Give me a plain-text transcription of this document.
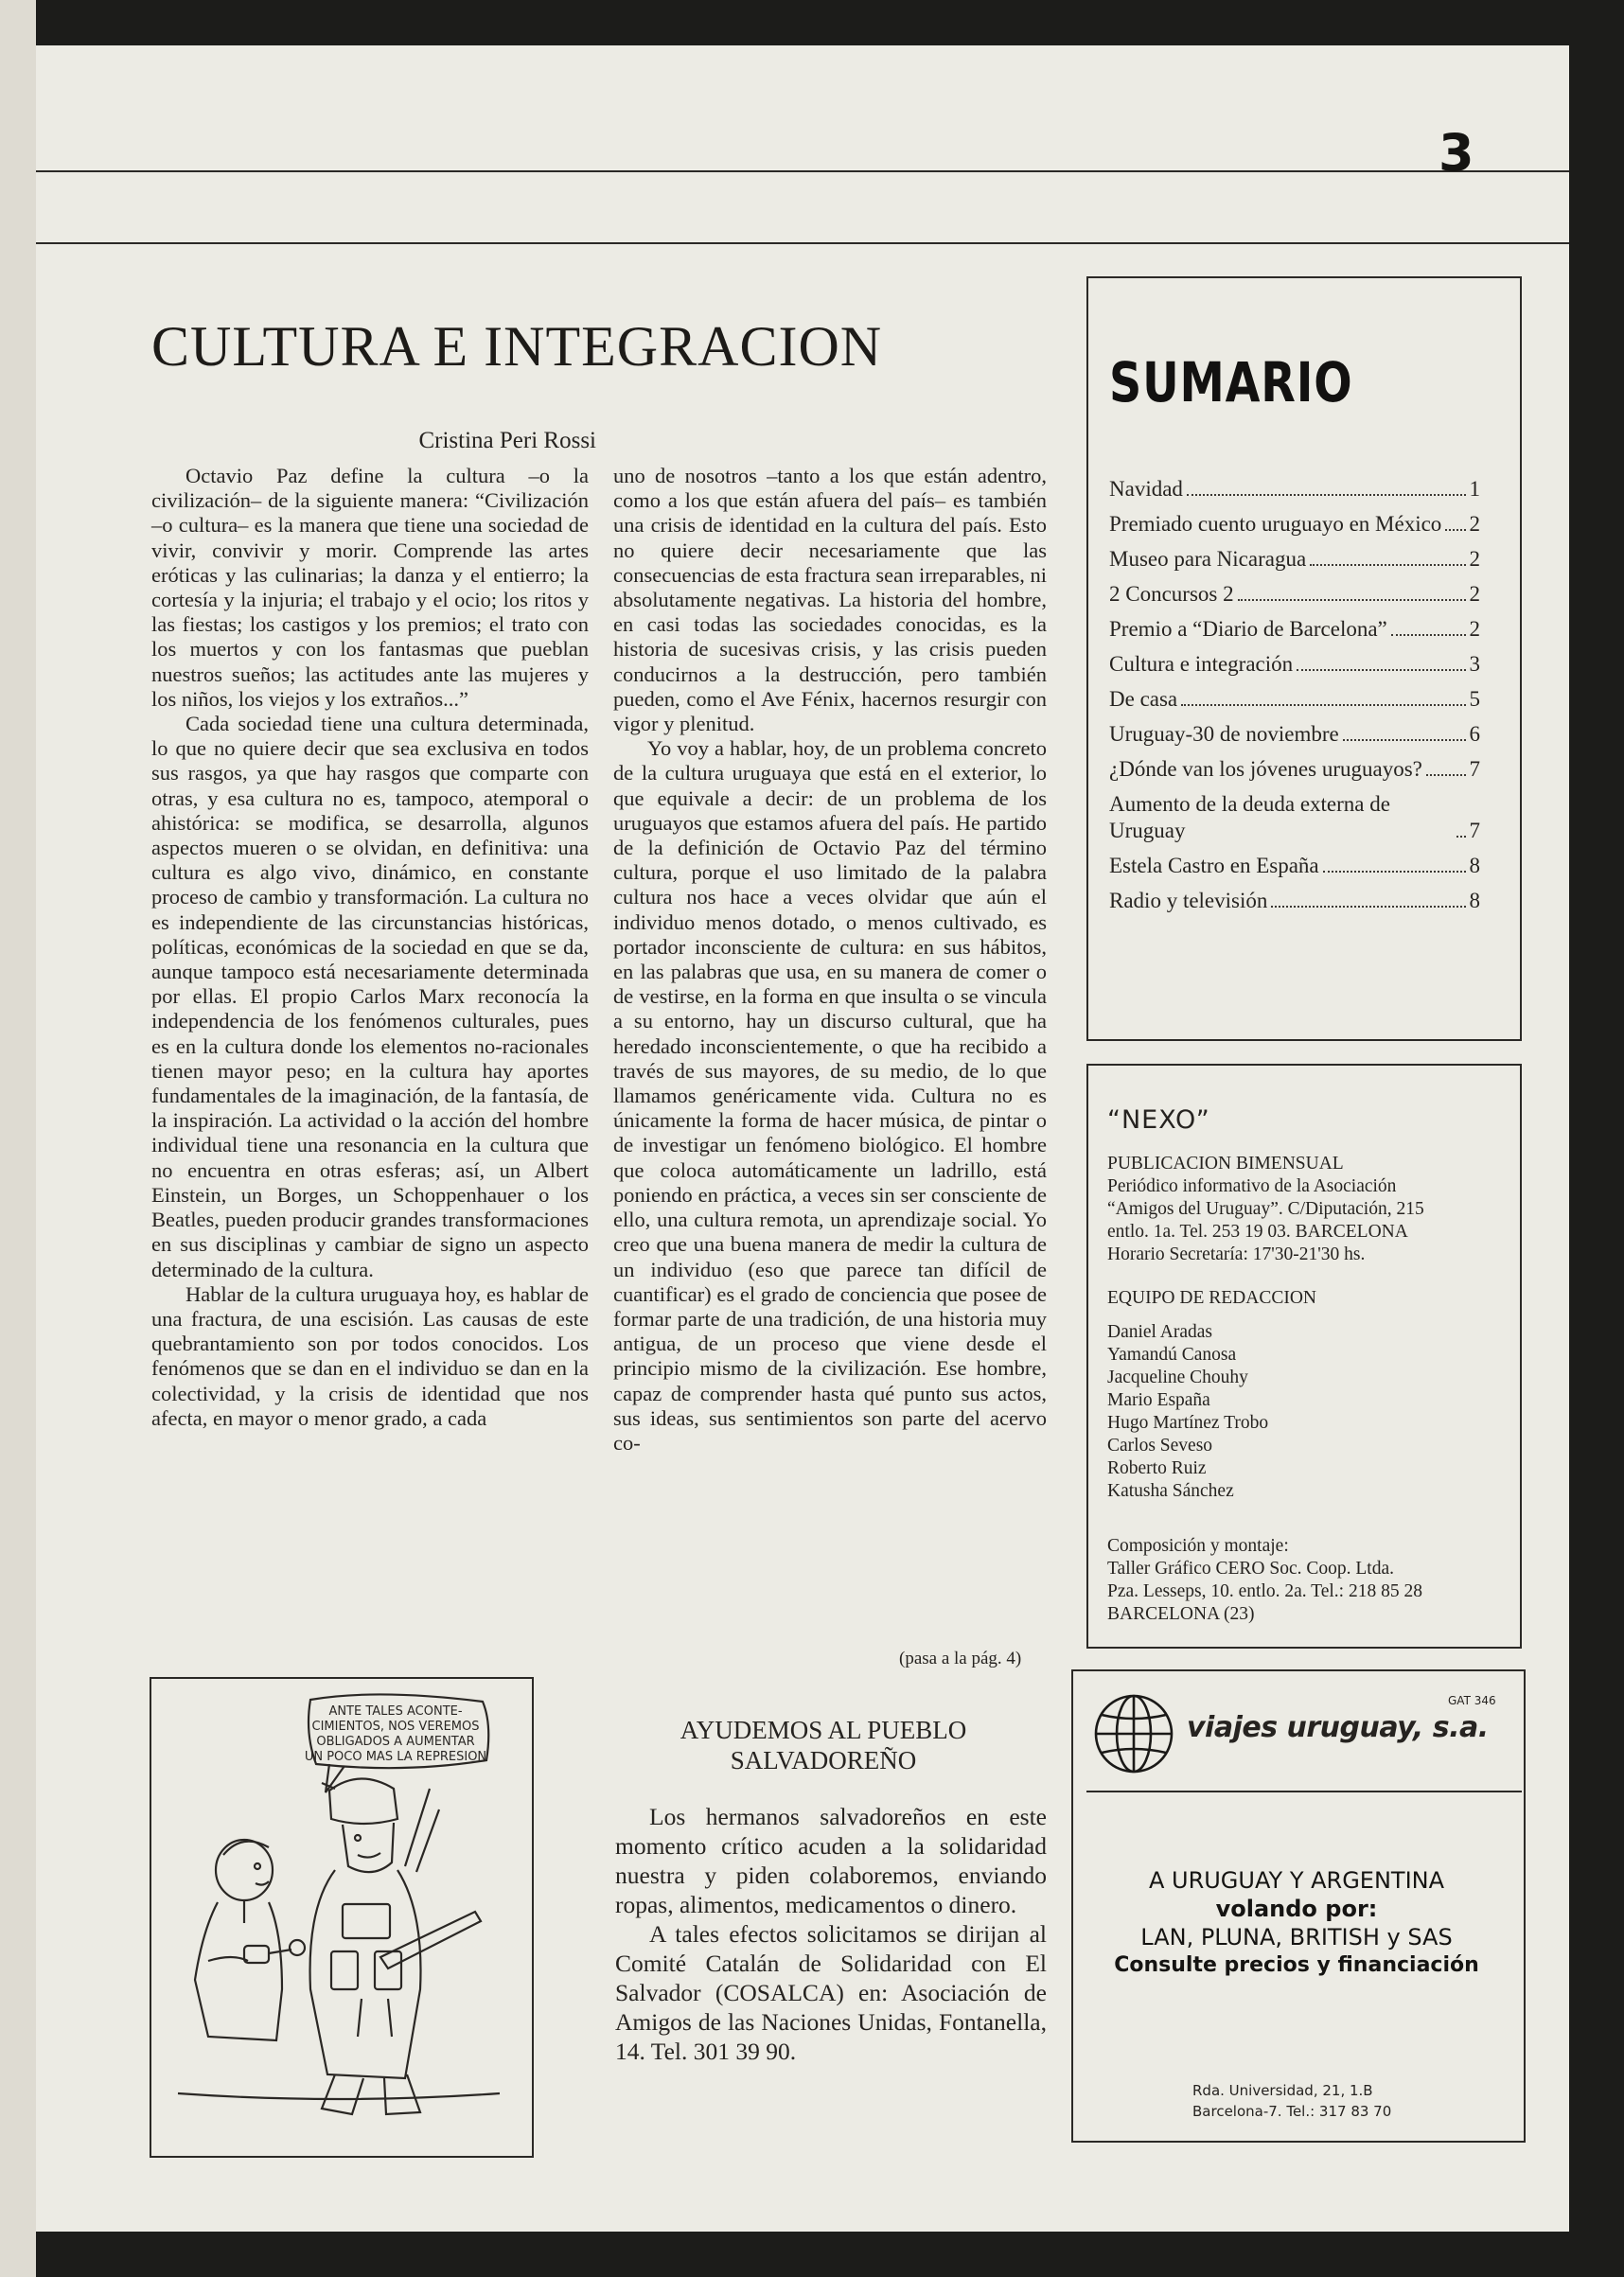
3
CULTURA E INTEGRACION
Cristina Peri Rossi

Octavio Paz define la cultura –o la civilización– de la siguiente manera: “Civilización –o cultura– es la manera que tiene una sociedad de vivir, convivir y morir. Comprende las artes eróticas y las culinarias; la danza y el entierro; la cortesía y la injuria; el trabajo y el ocio; los ritos y las fiestas; los castigos y los premios; el trato con los muertos y con los fantasmas que pueblan nuestros sueños; las actitudes ante las mujeres y los niños, los viejos y los extraños...”

Cada sociedad tiene una cultura determinada, lo que no quiere decir que sea exclusiva en todos sus rasgos, ya que hay rasgos que comparte con otras, y esa cultura no es, tampoco, atemporal o ahistórica: se modifica, se desarrolla, algunos aspectos mueren o se olvidan, en definitiva: una cultura es algo vivo, dinámico, en constante proceso de cambio y transformación. La cultura no es independiente de las circunstancias históricas, políticas, económicas de la sociedad en que se da, aunque tampoco está necesariamente determinada por ellas. El propio Carlos Marx reconocía la independencia de los fenómenos culturales, pues es en la cultura donde los elementos no-racionales tienen mayor peso; en la cultura hay aportes fundamentales de la imaginación, de la fantasía, de la inspiración. La actividad o la acción del hombre individual tiene una resonancia en la cultura que no encuentra en otras esferas; así, un Albert Einstein, un Borges, un Schoppenhauer o los Beatles, pueden producir grandes transformaciones en sus disciplinas y cambiar de signo un aspecto determinado de la cultura.

Hablar de la cultura uruguaya hoy, es hablar de una fractura, de una escisión. Las causas de este quebrantamiento son por todos conocidos. Los fenómenos que se dan en el individuo se dan en la colectividad, y la crisis de identidad que nos afecta, en mayor o menor grado, a cada

uno de nosotros –tanto a los que están adentro, como a los que están afuera del país– es también una crisis de identidad en la cultura del país. Esto no quiere decir necesariamente que las consecuencias de esta fractura sean irreparables, ni absolutamente negativas. La historia del hombre, en casi todas las sociedades conocidas, es la historia de sucesivas crisis, y las crisis pueden conducirnos a la destrucción, pero también pueden, como el Ave Fénix, hacernos resurgir con vigor y plenitud.

Yo voy a hablar, hoy, de un problema concreto de la cultura uruguaya que está en el exterior, lo que equivale a decir: de un problema de los uruguayos que estamos afuera del país. He partido de la definición de Octavio Paz del término cultura, porque el uso limitado de la palabra cultura nos hace a veces olvidar que aún el individuo menos dotado, o menos cultivado, es portador inconsciente de cultura: en sus hábitos, en las palabras que usa, en su manera de comer o de vestirse, en la forma en que insulta o se vincula a su entorno, hay un discurso cultural, que ha heredado inconscientemente, o que ha recibido a través de sus mayores, de su medio, de lo que llamamos genéricamente vida. Cultura no es únicamente la forma de hacer música, de pintar o de investigar un fenómeno biológico. El hombre que coloca automáticamente un ladrillo, está poniendo en práctica, a veces sin ser consciente de ello, una cultura remota, un aprendizaje social. Yo creo que una buena manera de medir la cultura de un individuo (eso que parece tan difícil de cuantificar) es el grado de conciencia que posee de formar parte de una tradición, de una historia muy antigua, de un proceso que viene desde el principio mismo de la civilización. Ese hombre, capaz de comprender hasta qué punto sus actos, sus ideas, sus sentimientos son parte del acervo co-

(pasa a la pág. 4)
SUMARIO
Navidad	1
Premiado cuento uruguayo en México 2
Museo para Nicaragua	2
2 Concursos 2	2
Premio a “Diario de Barcelona”	2
Cultura e integración	3
De casa	5
Uruguay-30 de noviembre	6
¿Dónde van los jóvenes uruguayos? 7
Aumento de la deuda externa de Uruguay	7
Estela Castro en España	8
Radio y televisión	8
“NEXO”
PUBLICACION BIMENSUAL
Periódico informativo de la Asociación
“Amigos del Uruguay”. C/Diputación, 215
entlo. 1a. Tel. 253 19 03. BARCELONA
Horario Secretaría: 17'30-21'30 hs.
EQUIPO DE REDACCION
Daniel Aradas
Yamandú Canosa
Jacqueline Chouhy
Mario España
Hugo Martínez Trobo
Carlos Seveso
Roberto Ruiz
Katusha Sánchez
Composición y montaje:
Taller Gráfico CERO Soc. Coop. Ltda.
Pza. Lesseps, 10. entlo. 2a. Tel.: 218 85 28
BARCELONA (23)
ANTE TALES ACONTE-
CIMIENTOS, NOS VEREMOS
OBLIGADOS A AUMENTAR
UN POCO MAS LA REPRESION
AYUDEMOS AL PUEBLO
SALVADOREÑO

Los hermanos salvadoreños en este momento crítico acuden a la solidaridad nuestra y piden colaboremos, enviando ropas, alimentos, medicamentos o dinero.

A tales efectos solicitamos se dirijan al Comité Catalán de Solidaridad con El Salvador (COSALCA) en: Asociación de Amigos de las Naciones Unidas, Fontanella, 14. Tel. 301 39 90.

GAT 346
viajes uruguay, s.a.
A URUGUAY Y ARGENTINA
volando por:
LAN, PLUNA, BRITISH y SAS
Consulte precios y financiación
Rda. Universidad, 21, 1.B
Barcelona-7. Tel.: 317 83 70
